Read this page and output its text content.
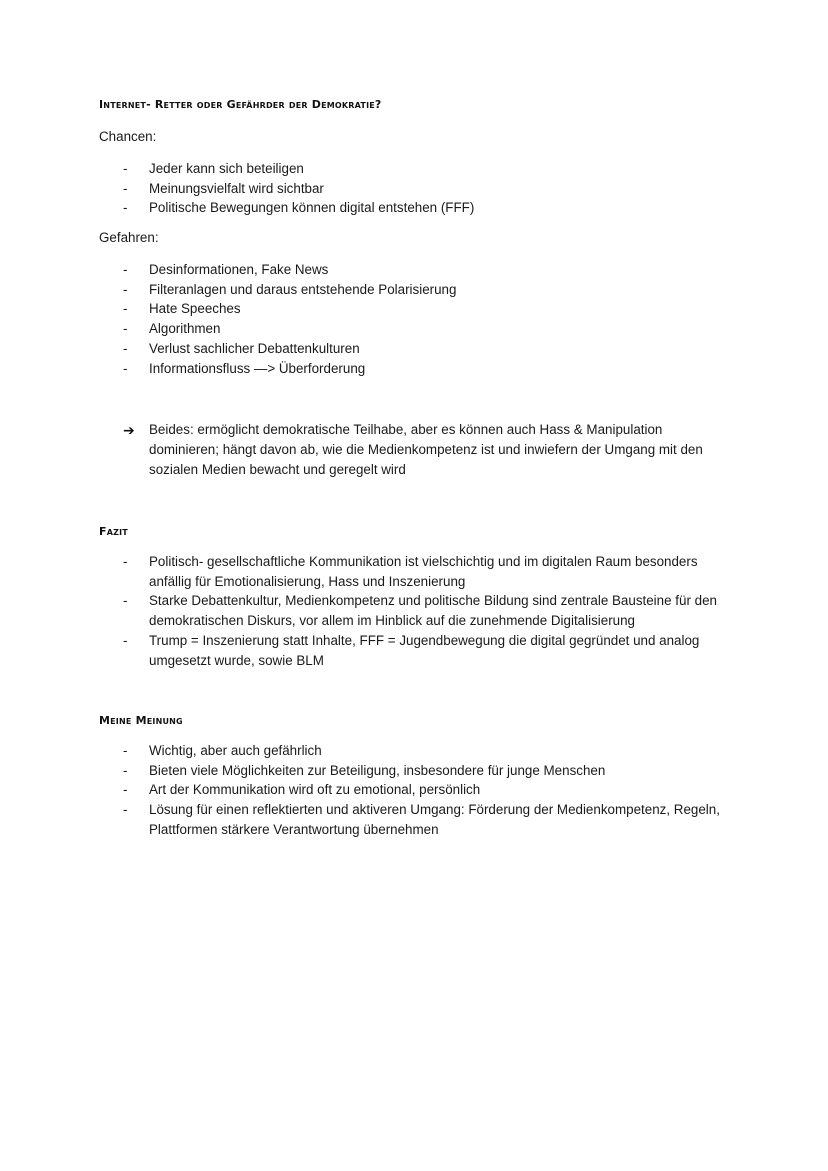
Internet- Retter oder Gefährder der Demokratie?
Chancen:
- Jeder kann sich beteiligen
- Meinungsvielfalt wird sichtbar
- Politische Bewegungen können digital entstehen (FFF)
Gefahren:
- Desinformationen, Fake News
- Filteranlagen und daraus entstehende Polarisierung
- Hate Speeches
- Algorithmen
- Verlust sachlicher Debattenkulturen
- Informationsfluss —> Überforderung
➔ Beides: ermöglicht demokratische Teilhabe, aber es können auch Hass & Manipulation dominieren; hängt davon ab, wie die Medienkompetenz ist und inwiefern der Umgang mit den sozialen Medien bewacht und geregelt wird
Fazit
- Politisch- gesellschaftliche Kommunikation ist vielschichtig und im digitalen Raum besonders anfällig für Emotionalisierung, Hass und Inszenierung
- Starke Debattenkultur, Medienkompetenz und politische Bildung sind zentrale Bausteine für den demokratischen Diskurs, vor allem im Hinblick auf die zunehmende Digitalisierung
- Trump = Inszenierung statt Inhalte, FFF = Jugendbewegung die digital gegründet und analog umgesetzt wurde, sowie BLM
Meine Meinung
- Wichtig, aber auch gefährlich
- Bieten viele Möglichkeiten zur Beteiligung, insbesondere für junge Menschen
- Art der Kommunikation wird oft zu emotional, persönlich
- Lösung für einen reflektierten und aktiveren Umgang: Förderung der Medienkompetenz, Regeln, Plattformen stärkere Verantwortung übernehmen
